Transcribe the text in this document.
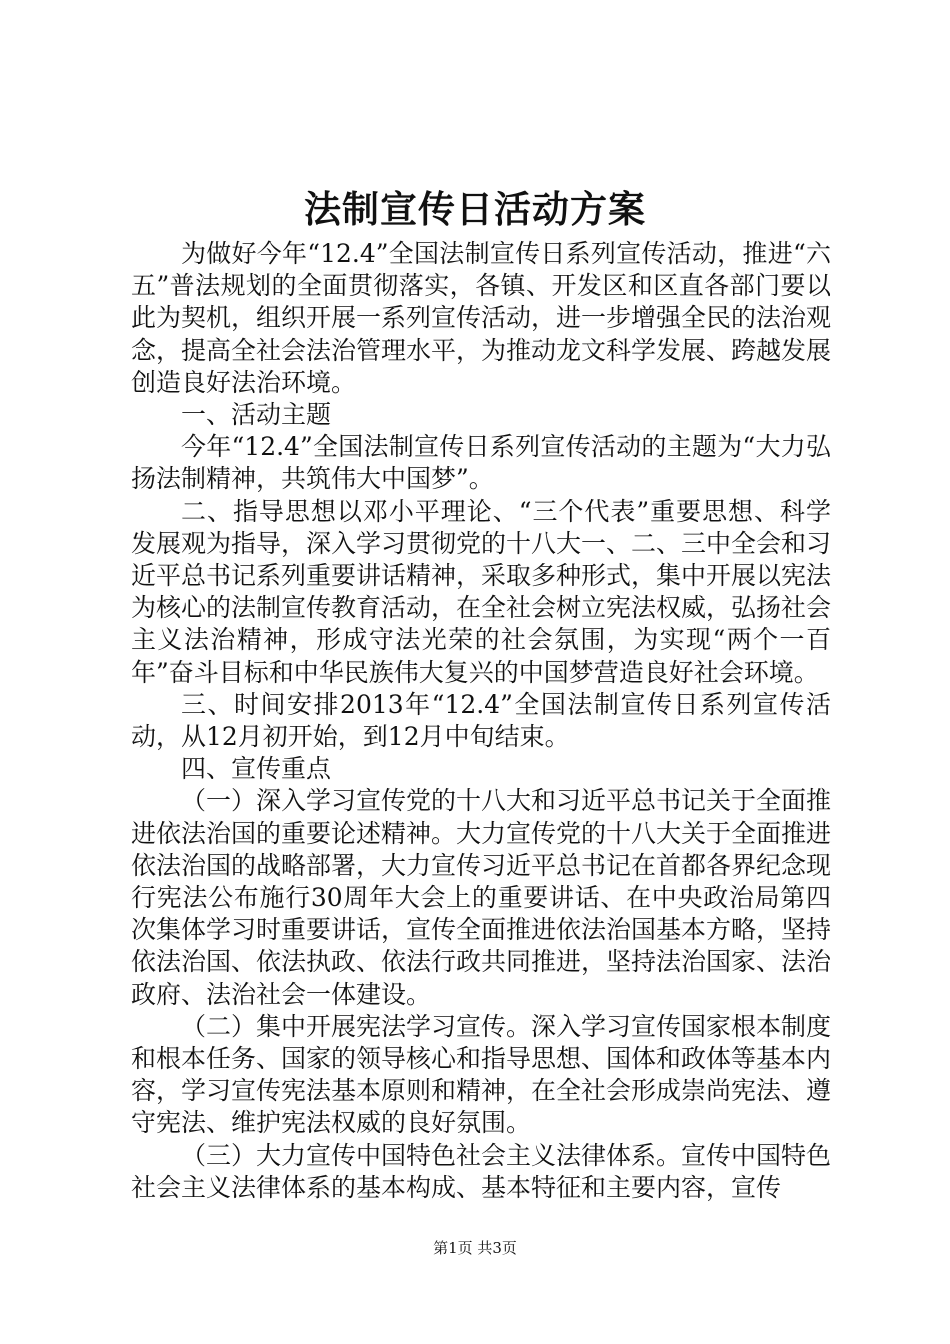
法制宣传日活动方案

为做好今年“12.4”全国法制宣传日系列宣传活动，推进“六五”普法规划的全面贯彻落实，各镇、开发区和区直各部门要以此为契机，组织开展一系列宣传活动，进一步增强全民的法治观念，提高全社会法治管理水平，为推动龙文科学发展、跨越发展创造良好法治环境。

一、活动主题

今年“12.4”全国法制宣传日系列宣传活动的主题为“大力弘扬法制精神，共筑伟大中国梦”。

二、指导思想以邓小平理论、“三个代表”重要思想、科学发展观为指导，深入学习贯彻党的十八大一、二、三中全会和习近平总书记系列重要讲话精神，采取多种形式，集中开展以宪法为核心的法制宣传教育活动，在全社会树立宪法权威，弘扬社会主义法治精神，形成守法光荣的社会氛围，为实现“两个一百年”奋斗目标和中华民族伟大复兴的中国梦营造良好社会环境。

三、时间安排2013年“12.4”全国法制宣传日系列宣传活动，从12月初开始，到12月中旬结束。

四、宣传重点

（一）深入学习宣传党的十八大和习近平总书记关于全面推进依法治国的重要论述精神。大力宣传党的十八大关于全面推进依法治国的战略部署，大力宣传习近平总书记在首都各界纪念现行宪法公布施行30周年大会上的重要讲话、在中央政治局第四次集体学习时重要讲话，宣传全面推进依法治国基本方略，坚持依法治国、依法执政、依法行政共同推进，坚持法治国家、法治政府、法治社会一体建设。

（二）集中开展宪法学习宣传。深入学习宣传国家根本制度和根本任务、国家的领导核心和指导思想、国体和政体等基本内容，学习宣传宪法基本原则和精神，在全社会形成崇尚宪法、遵守宪法、维护宪法权威的良好氛围。

（三）大力宣传中国特色社会主义法律体系。宣传中国特色社会主义法律体系的基本构成、基本特征和主要内容，宣传

第1页 共3页
